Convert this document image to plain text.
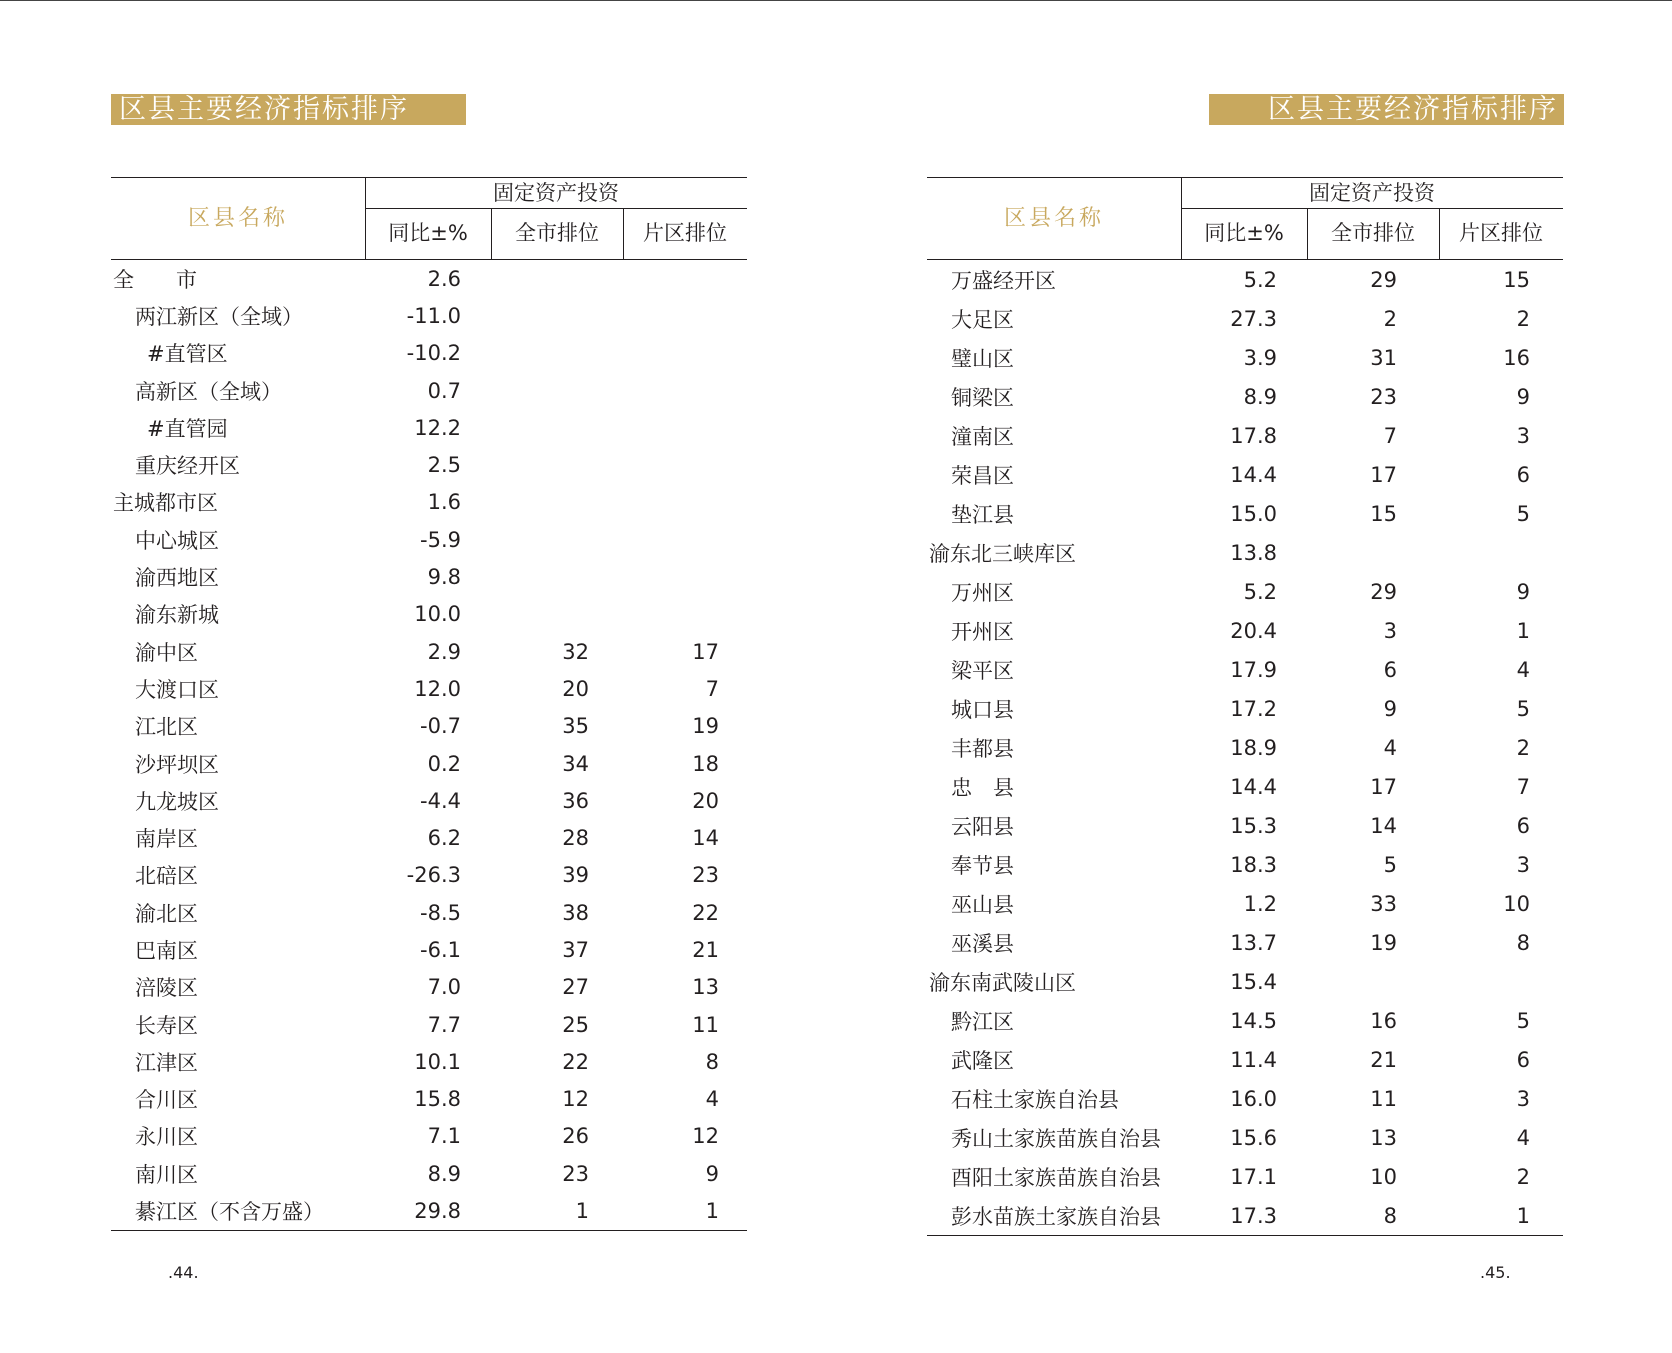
区县主要经济指标排序	区县主要经济指标排序
区县名称
固定资产投资
同比±%	全市排位	片区排位
全　　市	2.6
两江新区（全域）	-11.0
#直管区	-10.2
高新区（全域）	0.7
#直管园	12.2
重庆经开区	2.5
主城都市区	1.6
中心城区	-5.9
渝西地区	9.8
渝东新城	10.0
渝中区	2.9	32	17
大渡口区	12.0	20	7
江北区	-0.7	35	19
沙坪坝区	0.2	34	18
九龙坡区	-4.4	36	20
南岸区	6.2	28	14
北碚区	-26.3	39	23
渝北区	-8.5	38	22
巴南区	-6.1	37	21
涪陵区	7.0	27	13
长寿区	7.7	25	11
江津区	10.1	22	8
合川区	15.8	12	4
永川区	7.1	26	12
南川区	8.9	23	9
綦江区（不含万盛）	29.8	1	1
区县名称
固定资产投资
同比±%	全市排位	片区排位
万盛经开区	5.2	29	15
大足区	27.3	2	2
璧山区	3.9	31	16
铜梁区	8.9	23	9
潼南区	17.8	7	3
荣昌区	14.4	17	6
垫江县	15.0	15	5
渝东北三峡库区	13.8
万州区	5.2	29	9
开州区	20.4	3	1
梁平区	17.9	6	4
城口县	17.2	9	5
丰都县	18.9	4	2
忠　县	14.4	17	7
云阳县	15.3	14	6
奉节县	18.3	5	3
巫山县	1.2	33	10
巫溪县	13.7	19	8
渝东南武陵山区	15.4
黔江区	14.5	16	5
武隆区	11.4	21	6
石柱土家族自治县	16.0	11	3
秀山土家族苗族自治县	15.6	13	4
酉阳土家族苗族自治县	17.1	10	2
彭水苗族土家族自治县	17.3	8	1
.44.	.45.
